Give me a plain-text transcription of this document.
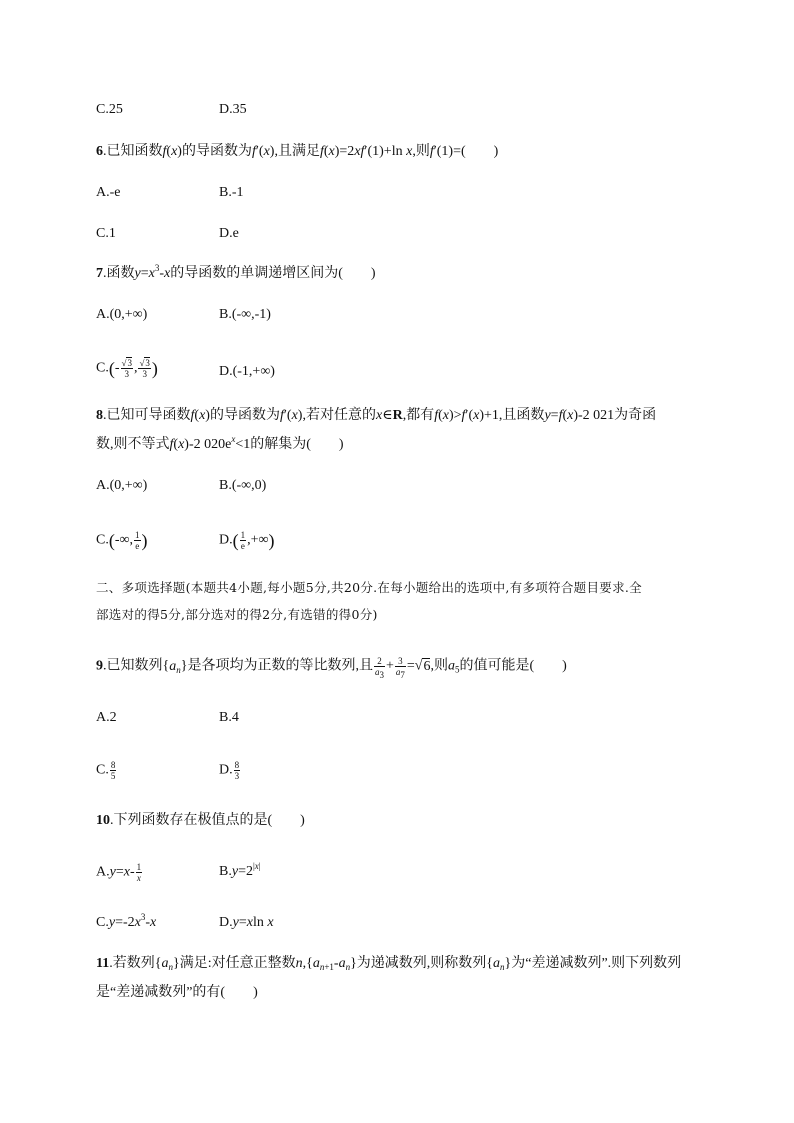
C.25	D.35
6.已知函数f(x)的导函数为f′(x),且满足f(x)=2xf′(1)+ln x,则f′(1)=(　　)
A.-e	B.-1
C.1	D.e
7.函数$y=x^3-x$的导函数的单调递增区间为(　　)
A.(0,+∞)	B.(-∞,-1)
$C.(- \frac{√3}{3}$ , $\frac{√3}{3}$ )	D.(-1,+∞)
8.已知可导函数f(x)的导函数为f′(x),若对任意的x∈R,都有f(x)>f′(x)+1,且函数y=f(x)-2 021为奇函
数,则不等式f(x)-2 $020e^x<1$的解集为(　　)
A.(0,+∞)	B.(-∞,0)
C.(-∞, $\frac{1}{e}$ )	$D.( \frac{1}{e}$ ,+∞)
二、多项选择题(本题共4小题,每小题5分,共20分.在每小题给出的选项中,有多项符合题目要求.全
部选对的得5分,部分选对的得2分,有选错的得0分)
9.已知数列$\{a_n\}$是各项均为正数的等比数列,且 $\frac{2}{a_3} + \frac{3}{a_7} =√6$,则$a_5$的值可能是(　　)
A.2	B.4
C. $\frac{8}{5}$	D. $\frac{8}{3}$
10.下列函数存在极值点的是(　　)
$A.y=x- \frac{1}{x}$	$B.y=2^{|x|}$
$C.y=-2x^3-x$	D.y=xln x
11.若数列$\{a_n\}$满足:对任意正整数$n,\{a_{n+1}-a_n\}$为递减数列,则称数列$\{a_n\}$为“差递减数列”.则下列数列
是“差递减数列”的有(　　)
